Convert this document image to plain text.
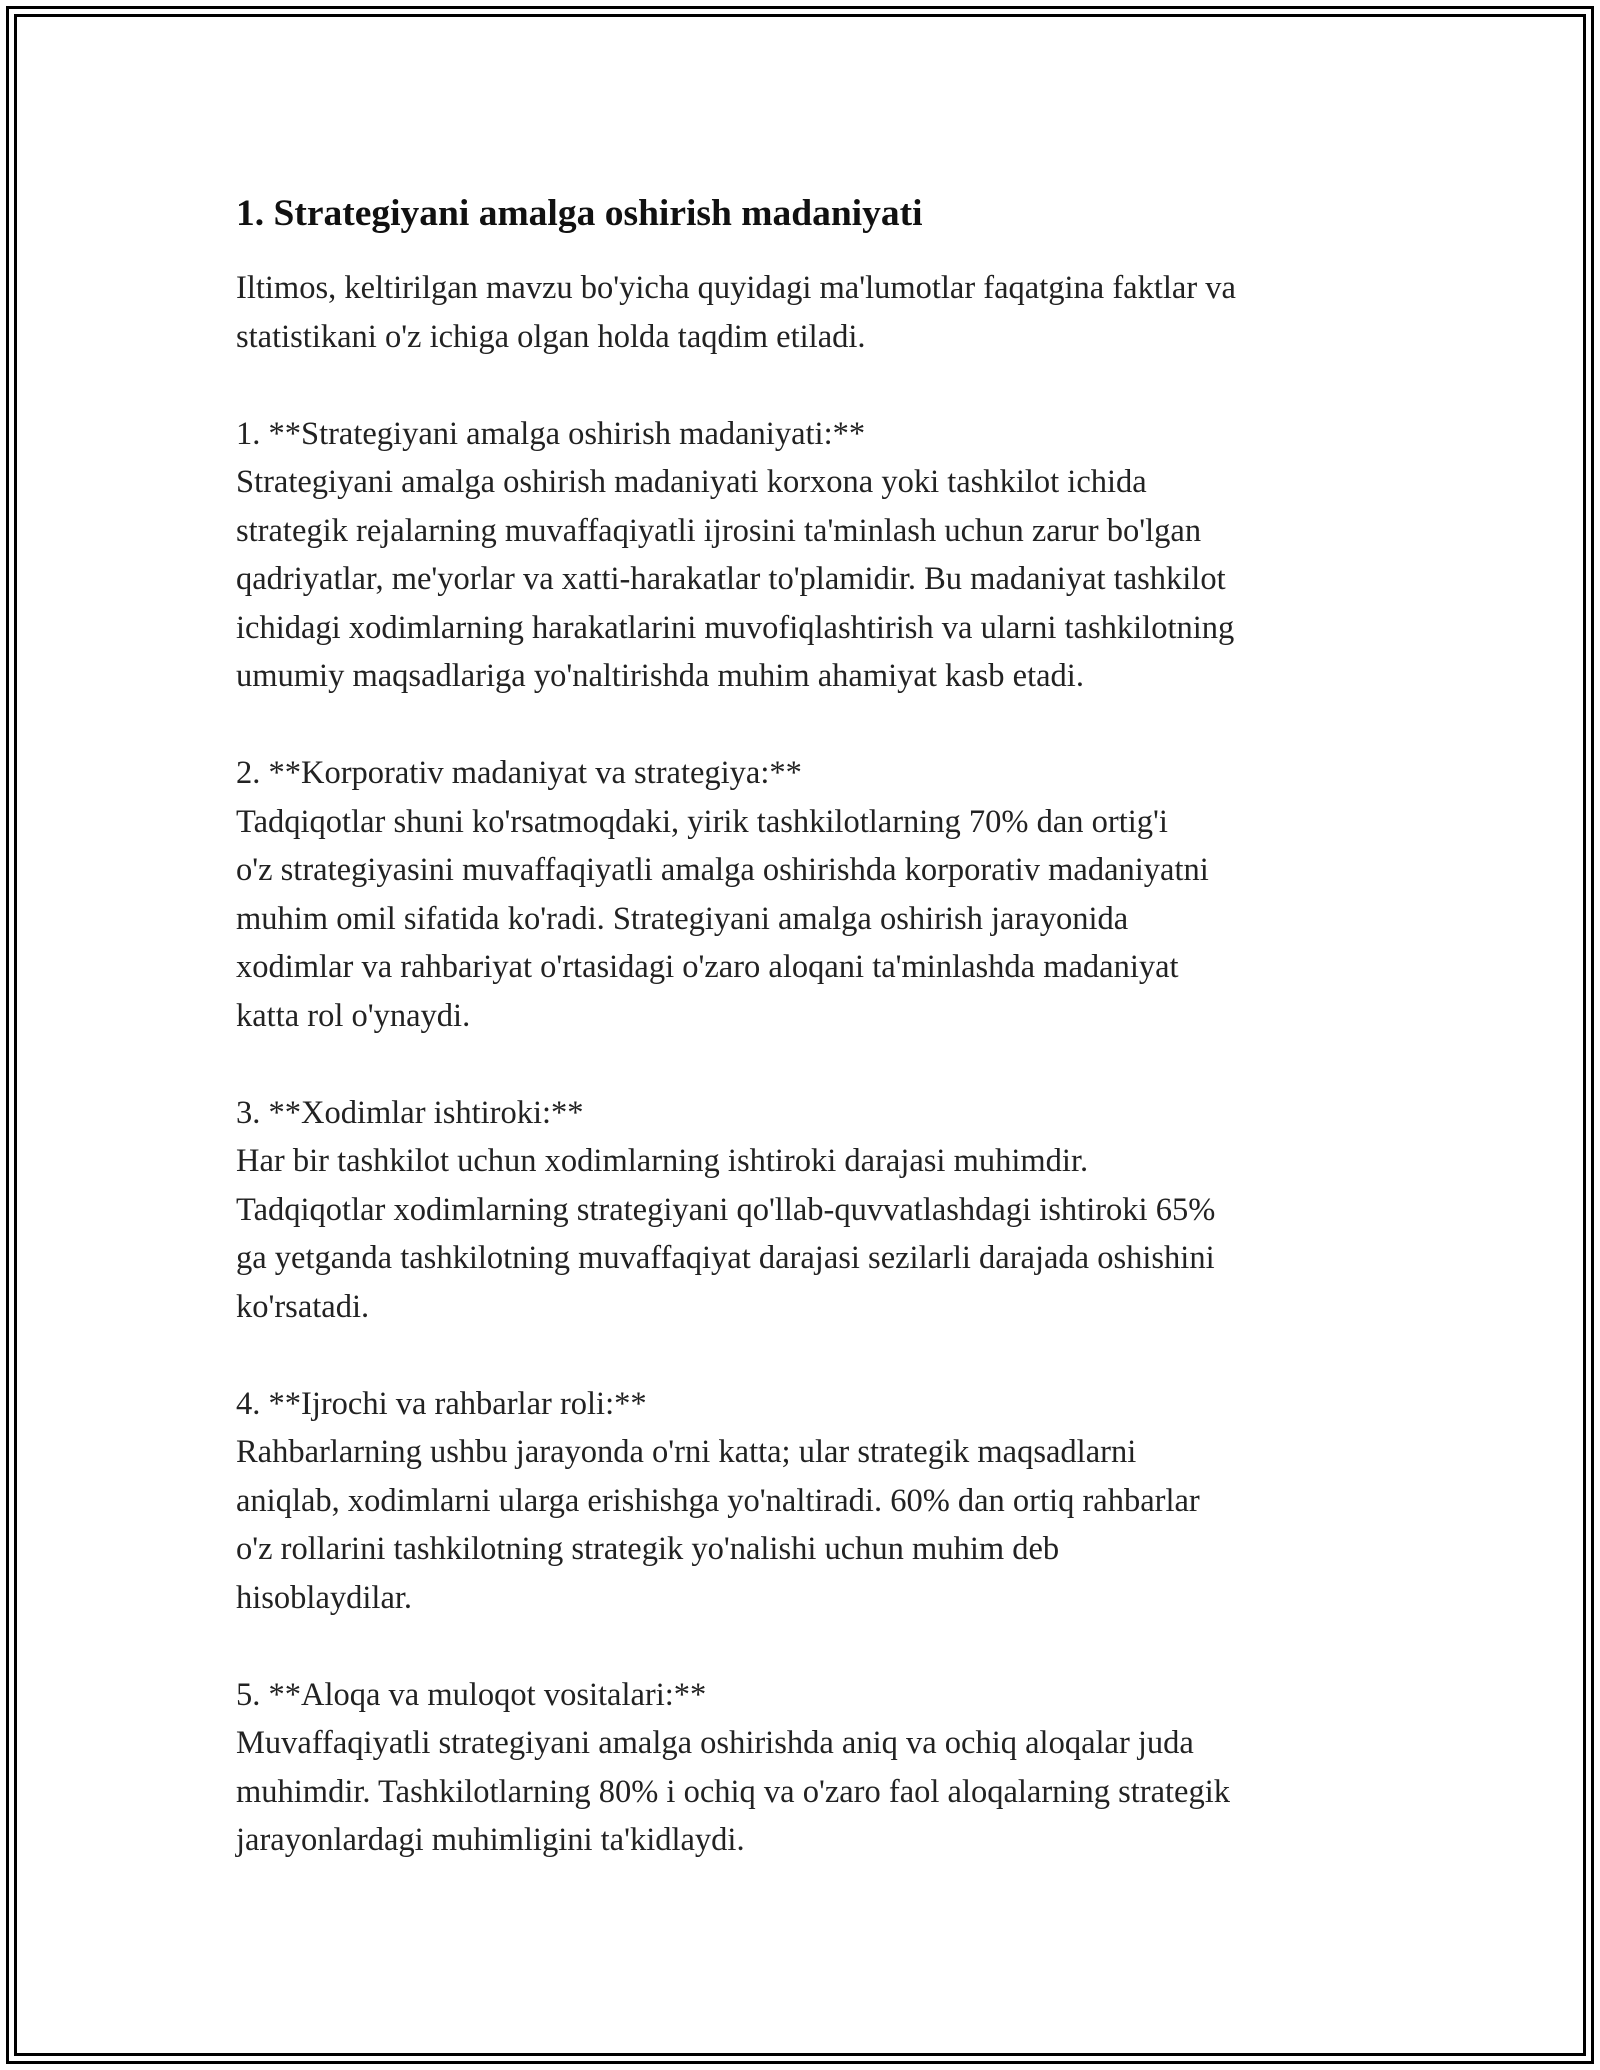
1. Strategiyani amalga oshirish madaniyati

Iltimos, keltirilgan mavzu bo'yicha quyidagi ma'lumotlar faqatgina faktlar va
statistikani o'z ichiga olgan holda taqdim etiladi.

1. **Strategiyani amalga oshirish madaniyati:**

Strategiyani amalga oshirish madaniyati korxona yoki tashkilot ichida
strategik rejalarning muvaffaqiyatli ijrosini ta'minlash uchun zarur bo'lgan
qadriyatlar, me'yorlar va xatti-harakatlar to'plamidir. Bu madaniyat tashkilot
ichidagi xodimlarning harakatlarini muvofiqlashtirish va ularni tashkilotning
umumiy maqsadlariga yo'naltirishda muhim ahamiyat kasb etadi.

2. **Korporativ madaniyat va strategiya:**

Tadqiqotlar shuni ko'rsatmoqdaki, yirik tashkilotlarning 70% dan ortig'i
o'z strategiyasini muvaffaqiyatli amalga oshirishda korporativ madaniyatni
muhim omil sifatida ko'radi. Strategiyani amalga oshirish jarayonida
xodimlar va rahbariyat o'rtasidagi o'zaro aloqani ta'minlashda madaniyat
katta rol o'ynaydi.

3. **Xodimlar ishtiroki:**

Har bir tashkilot uchun xodimlarning ishtiroki darajasi muhimdir.
Tadqiqotlar xodimlarning strategiyani qo'llab-quvvatlashdagi ishtiroki 65%
ga yetganda tashkilotning muvaffaqiyat darajasi sezilarli darajada oshishini
ko'rsatadi.

4. **Ijrochi va rahbarlar roli:**

Rahbarlarning ushbu jarayonda o'rni katta; ular strategik maqsadlarni
aniqlab, xodimlarni ularga erishishga yo'naltiradi. 60% dan ortiq rahbarlar
o'z rollarini tashkilotning strategik yo'nalishi uchun muhim deb
hisoblaydilar.

5. **Aloqa va muloqot vositalari:**

Muvaffaqiyatli strategiyani amalga oshirishda aniq va ochiq aloqalar juda
muhimdir. Tashkilotlarning 80% i ochiq va o'zaro faol aloqalarning strategik
jarayonlardagi muhimligini ta'kidlaydi.
